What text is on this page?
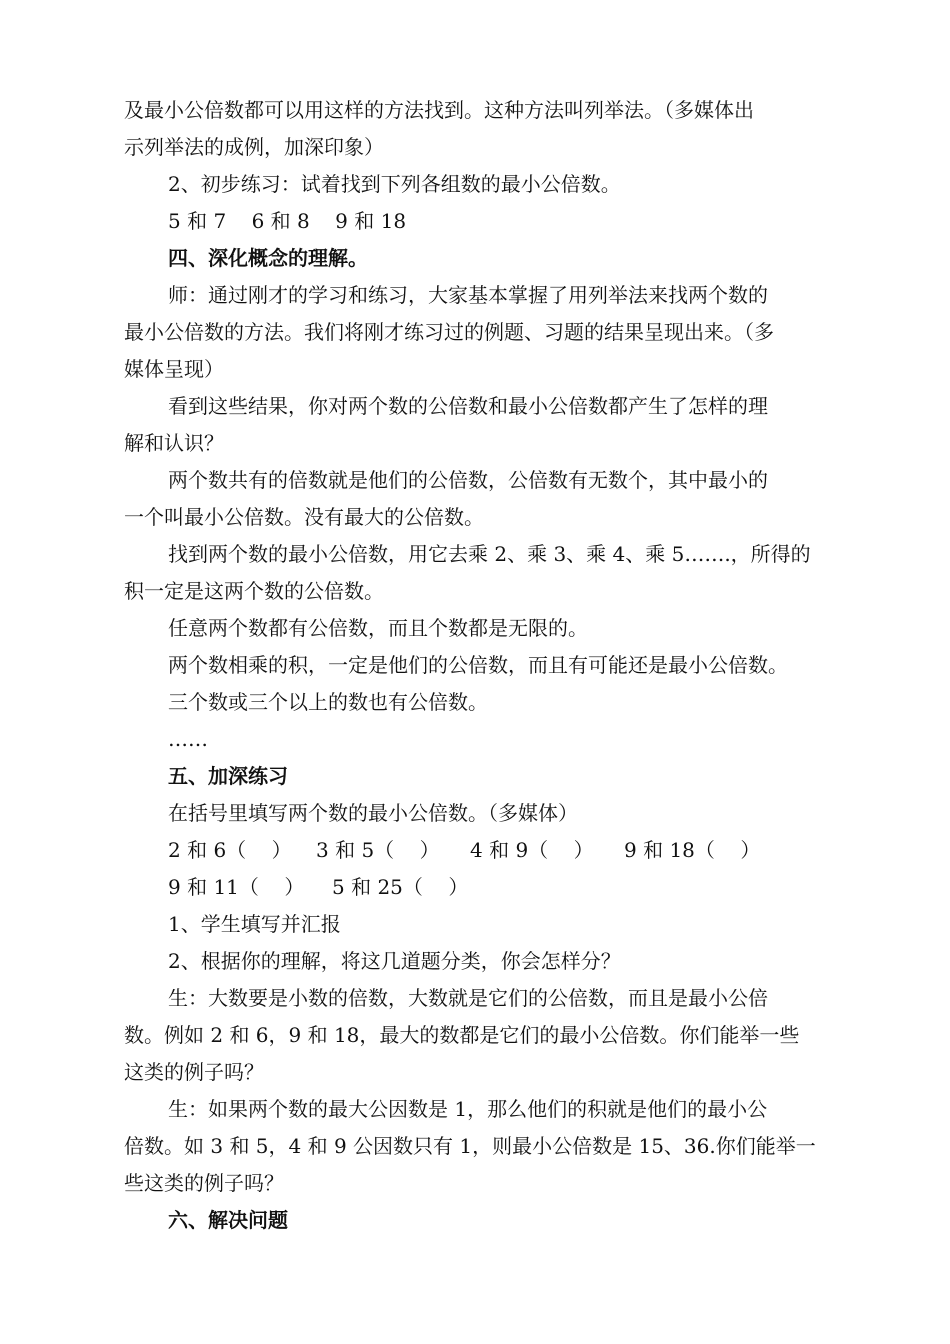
及最小公倍数都可以用这样的方法找到。这种方法叫列举法。（多媒体出

示列举法的成例，加深印象）

2、初步练习：试着找到下列各组数的最小公倍数。

5 和 7    6 和 8    9 和 18

四、深化概念的理解。

师：通过刚才的学习和练习，大家基本掌握了用列举法来找两个数的

最小公倍数的方法。我们将刚才练习过的例题、习题的结果呈现出来。（多

媒体呈现）

看到这些结果，你对两个数的公倍数和最小公倍数都产生了怎样的理

解和认识？

两个数共有的倍数就是他们的公倍数，公倍数有无数个，其中最小的

一个叫最小公倍数。没有最大的公倍数。

找到两个数的最小公倍数，用它去乘 2、乘 3、乘 4、乘 5…….，所得的

积一定是这两个数的公倍数。

任意两个数都有公倍数，而且个数都是无限的。

两个数相乘的积，一定是他们的公倍数，而且有可能还是最小公倍数。

三个数或三个以上的数也有公倍数。

……

五、加深练习

在括号里填写两个数的最小公倍数。（多媒体）

2 和 6（    ）	3 和 5（    ）	4 和 9（    ）	9 和 18（    ）
9 和 11（    ）	5 和 25（    ）

1、学生填写并汇报

2、根据你的理解，将这几道题分类，你会怎样分？

生：大数要是小数的倍数，大数就是它们的公倍数，而且是最小公倍

数。例如 2 和 6，9 和 18，最大的数都是它们的最小公倍数。你们能举一些

这类的例子吗？

生：如果两个数的最大公因数是 1，那么他们的积就是他们的最小公

倍数。如 3 和 5，4 和 9 公因数只有 1，则最小公倍数是 15、36.你们能举一

些这类的例子吗？

六、解决问题
